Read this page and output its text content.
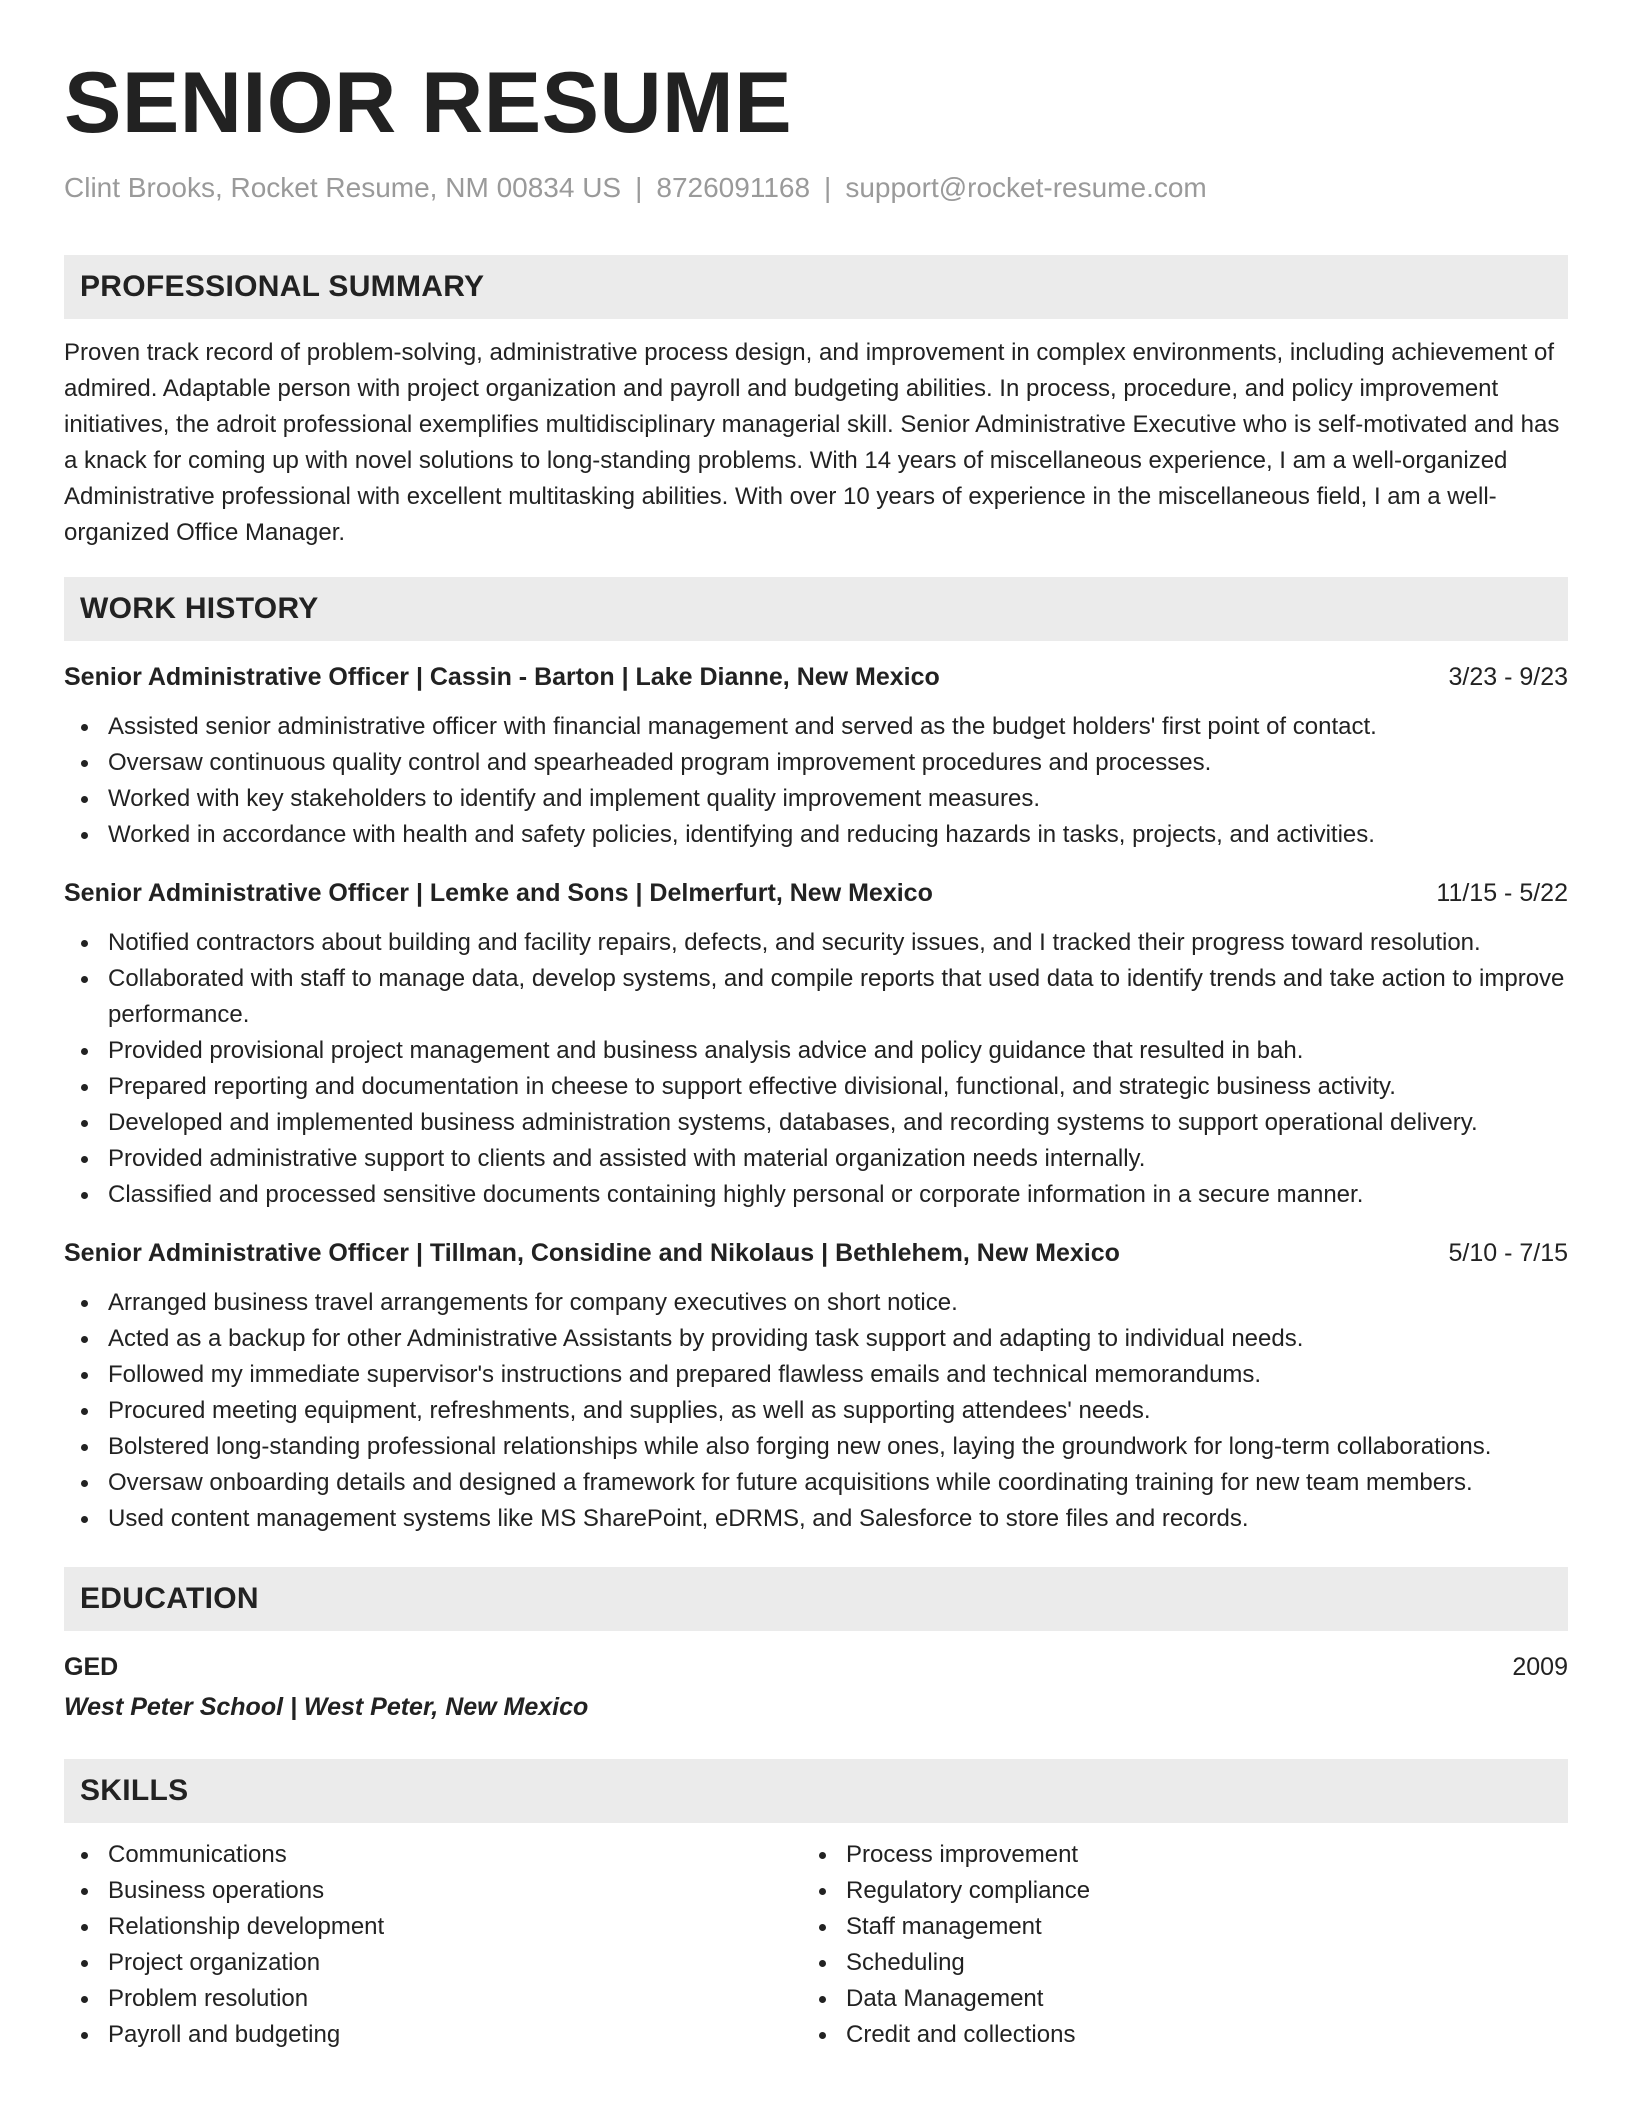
SENIOR RESUME
Clint Brooks, Rocket Resume, NM 00834 US | 8726091168 | support@rocket-resume.com
PROFESSIONAL SUMMARY

Proven track record of problem-solving, administrative process design, and improvement in complex environments, including achievement of admired. Adaptable person with project organization and payroll and budgeting abilities. In process, procedure, and policy improvement initiatives, the adroit professional exemplifies multidisciplinary managerial skill. Senior Administrative Executive who is self-motivated and has a knack for coming up with novel solutions to long-standing problems. With 14 years of miscellaneous experience, I am a well-organized Administrative professional with excellent multitasking abilities. With over 10 years of experience in the miscellaneous field, I am a well-organized Office Manager.

WORK HISTORY
Senior Administrative Officer | Cassin - Barton | Lake Dianne, New Mexico	3/23 - 9/23
Assisted senior administrative officer with financial management and served as the budget holders' first point of contact.
Oversaw continuous quality control and spearheaded program improvement procedures and processes.
Worked with key stakeholders to identify and implement quality improvement measures.
Worked in accordance with health and safety policies, identifying and reducing hazards in tasks, projects, and activities.
Senior Administrative Officer | Lemke and Sons | Delmerfurt, New Mexico	11/15 - 5/22
Notified contractors about building and facility repairs, defects, and security issues, and I tracked their progress toward resolution.
Collaborated with staff to manage data, develop systems, and compile reports that used data to identify trends and take action to improve performance.
Provided provisional project management and business analysis advice and policy guidance that resulted in bah.
Prepared reporting and documentation in cheese to support effective divisional, functional, and strategic business activity.
Developed and implemented business administration systems, databases, and recording systems to support operational delivery.
Provided administrative support to clients and assisted with material organization needs internally.
Classified and processed sensitive documents containing highly personal or corporate information in a secure manner.
Senior Administrative Officer | Tillman, Considine and Nikolaus | Bethlehem, New Mexico	5/10 - 7/15
Arranged business travel arrangements for company executives on short notice.
Acted as a backup for other Administrative Assistants by providing task support and adapting to individual needs.
Followed my immediate supervisor's instructions and prepared flawless emails and technical memorandums.
Procured meeting equipment, refreshments, and supplies, as well as supporting attendees' needs.
Bolstered long-standing professional relationships while also forging new ones, laying the groundwork for long-term collaborations.
Oversaw onboarding details and designed a framework for future acquisitions while coordinating training for new team members.
Used content management systems like MS SharePoint, eDRMS, and Salesforce to store files and records.
EDUCATION
GED	2009
West Peter School | West Peter, New Mexico
SKILLS
Communications
Business operations
Relationship development
Project organization
Problem resolution
Payroll and budgeting
Process improvement
Regulatory compliance
Staff management
Scheduling
Data Management
Credit and collections
